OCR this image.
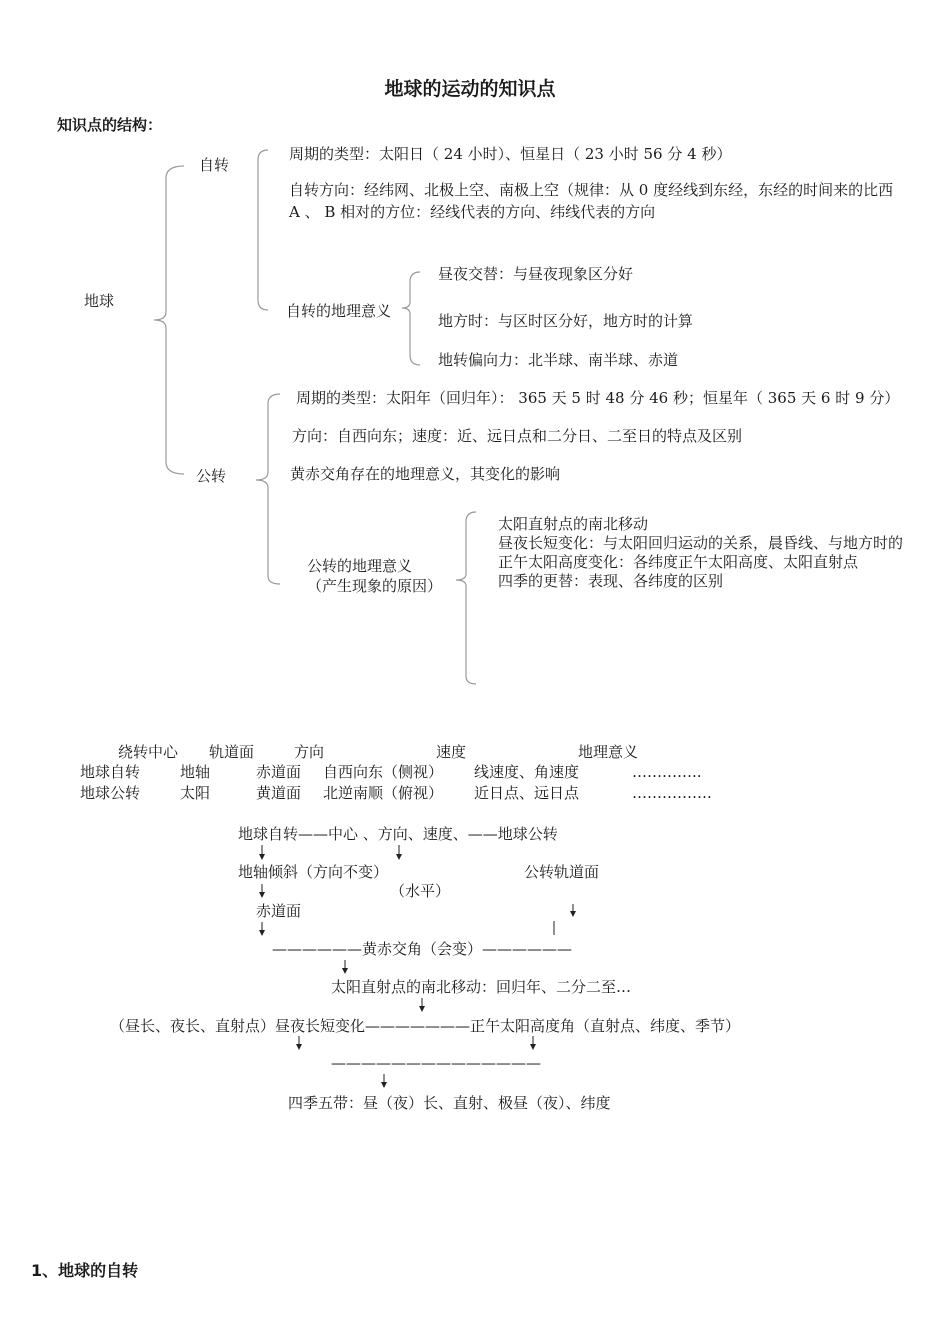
地球的运动的知识点
知识点的结构：
地球
自转
周期的类型：太阳日（ 24 小时）、恒星日（ 23 小时 56 分 4 秒）
自转方向：经纬网、北极上空、南极上空（规律：从 0 度经线到东经，东经的时间来的比西
A 、 B 相对的方位：经线代表的方向、纬线代表的方向
自转的地理意义
昼夜交替：与昼夜现象区分好
地方时：与区时区分好，地方时的计算
地转偏向力：北半球、南半球、赤道
公转
周期的类型：太阳年（回归年）： 365 天 5 时 48 分 46 秒；恒星年（ 365 天 6 时 9 分）
方向：自西向东；速度：近、远日点和二分日、二至日的特点及区别
黄赤交角存在的地理意义，其变化的影响
公转的地理意义
（产生现象的原因）
太阳直射点的南北移动
昼夜长短变化：与太阳回归运动的关系，晨昏线、与地方时的
正午太阳高度变化：各纬度正午太阳高度、太阳直射点
四季的更替：表现、各纬度的区别
绕转中心 轨道面	方向	速度	地理意义
地球自转	地轴	赤道面 自西向东（侧视） 线速度、角速度	…………..
地球公转	太阳	黄道面 北逆南顺（俯视） 近日点、远日点	…………….
地球自转——中心 、方向、速度、——地球公转
地轴倾斜（方向不变）	公转轨道面
（水平）
赤道面
——————黄赤交角（会变）——————
太阳直射点的南北移动：回归年、二分二至…
（昼长、夜长、直射点）昼夜长短变化———————正午太阳高度角（直射点、纬度、季节）
——————————————
四季五带：昼（夜）长、直射、极昼（夜）、纬度
1、地球的自转
